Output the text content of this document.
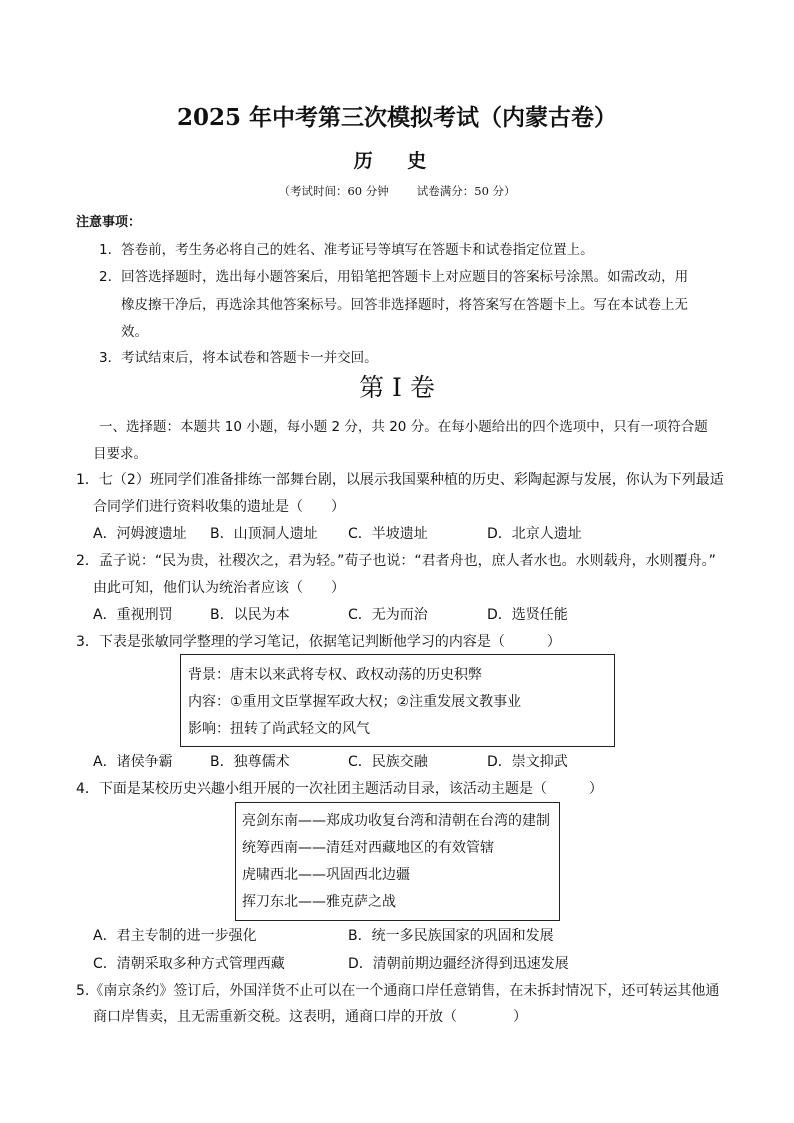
2025 年中考第三次模拟考试（内蒙古卷）
历 史
（考试时间：60 分钟 试卷满分：50 分）
注意事项：
1．答卷前，考生务必将自己的姓名、准考证号等填写在答题卡和试卷指定位置上。
2．回答选择题时，选出每小题答案后，用铅笔把答题卡上对应题目的答案标号涂黑。如需改动，用
橡皮擦干净后，再选涂其他答案标号。回答非选择题时，将答案写在答题卡上。写在本试卷上无
效。
3．考试结束后，将本试卷和答题卡一并交回。
第 I 卷
一、选择题：本题共 10 小题，每小题 2 分，共 20 分。在每小题给出的四个选项中，只有一项符合题
目要求。
1．七（2）班同学们准备排练一部舞台剧，以展示我国粟种植的历史、彩陶起源与发展，你认为下列最适
合同学们进行资料收集的遗址是（　　）
A．河姆渡遗址 B．山顶洞人遗址 C．半坡遗址	D．北京人遗址
2．孟子说：“民为贵，社稷次之，君为轻。”荀子也说：“君者舟也，庶人者水也。水则载舟，水则覆舟。”
由此可知，他们认为统治者应该（　　）
A．重视刑罚	B．以民为本	C．无为而治	D．选贤任能
3．下表是张敏同学整理的学习笔记，依据笔记判断他学习的内容是（　　　）
背景：唐末以来武将专权、政权动荡的历史积弊
内容：①重用文臣掌握军政大权；②注重发展文教事业
影响：扭转了尚武轻文的风气
A．诸侯争霸	B．独尊儒术	C．民族交融	D．崇文抑武
4．下面是某校历史兴趣小组开展的一次社团主题活动目录，该活动主题是（　　　）
亮剑东南——郑成功收复台湾和清朝在台湾的建制
统筹西南——清廷对西藏地区的有效管辖
虎啸西北——巩固西北边疆
挥刀东北——雅克萨之战
A．君主专制的进一步强化	B．统一多民族国家的巩固和发展
C．清朝采取多种方式管理西藏	D．清朝前期边疆经济得到迅速发展
5.《南京条约》签订后，外国洋货不止可以在一个通商口岸任意销售，在未拆封情况下，还可转运其他通
商口岸售卖，且无需重新交税。这表明，通商口岸的开放（　　　　）
